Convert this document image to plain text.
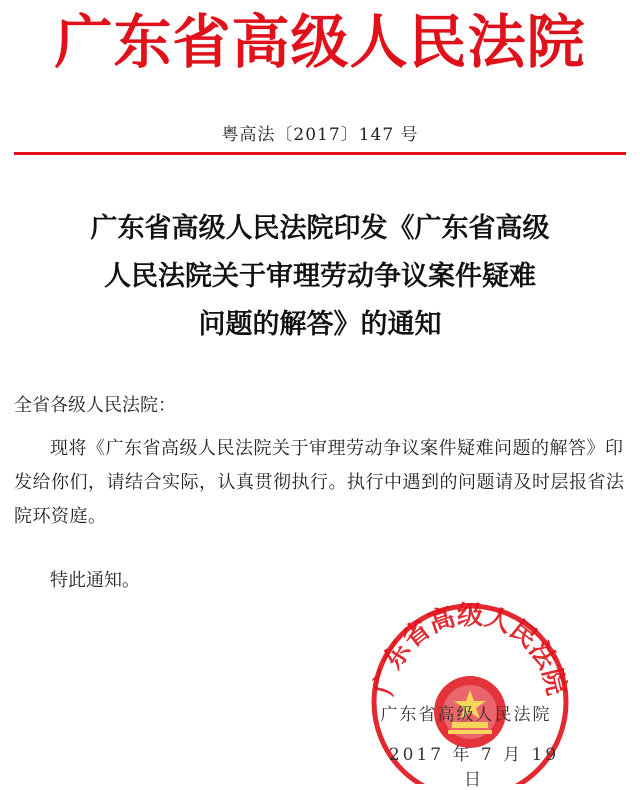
广东省高级人民法院
粤高法〔2017〕147 号
广东省高级人民法院印发《广东省高级
人民法院关于审理劳动争议案件疑难
问题的解答》的通知
全省各级人民法院：
现将《广东省高级人民法院关于审理劳动争议案件疑难问题的解答》印发给你们，请结合实际，认真贯彻执行。执行中遇到的问题请及时层报省法院环资庭。
特此通知。
广东省高级人民法院
广东省高级人民法院
2017 年 7 月 19 日
